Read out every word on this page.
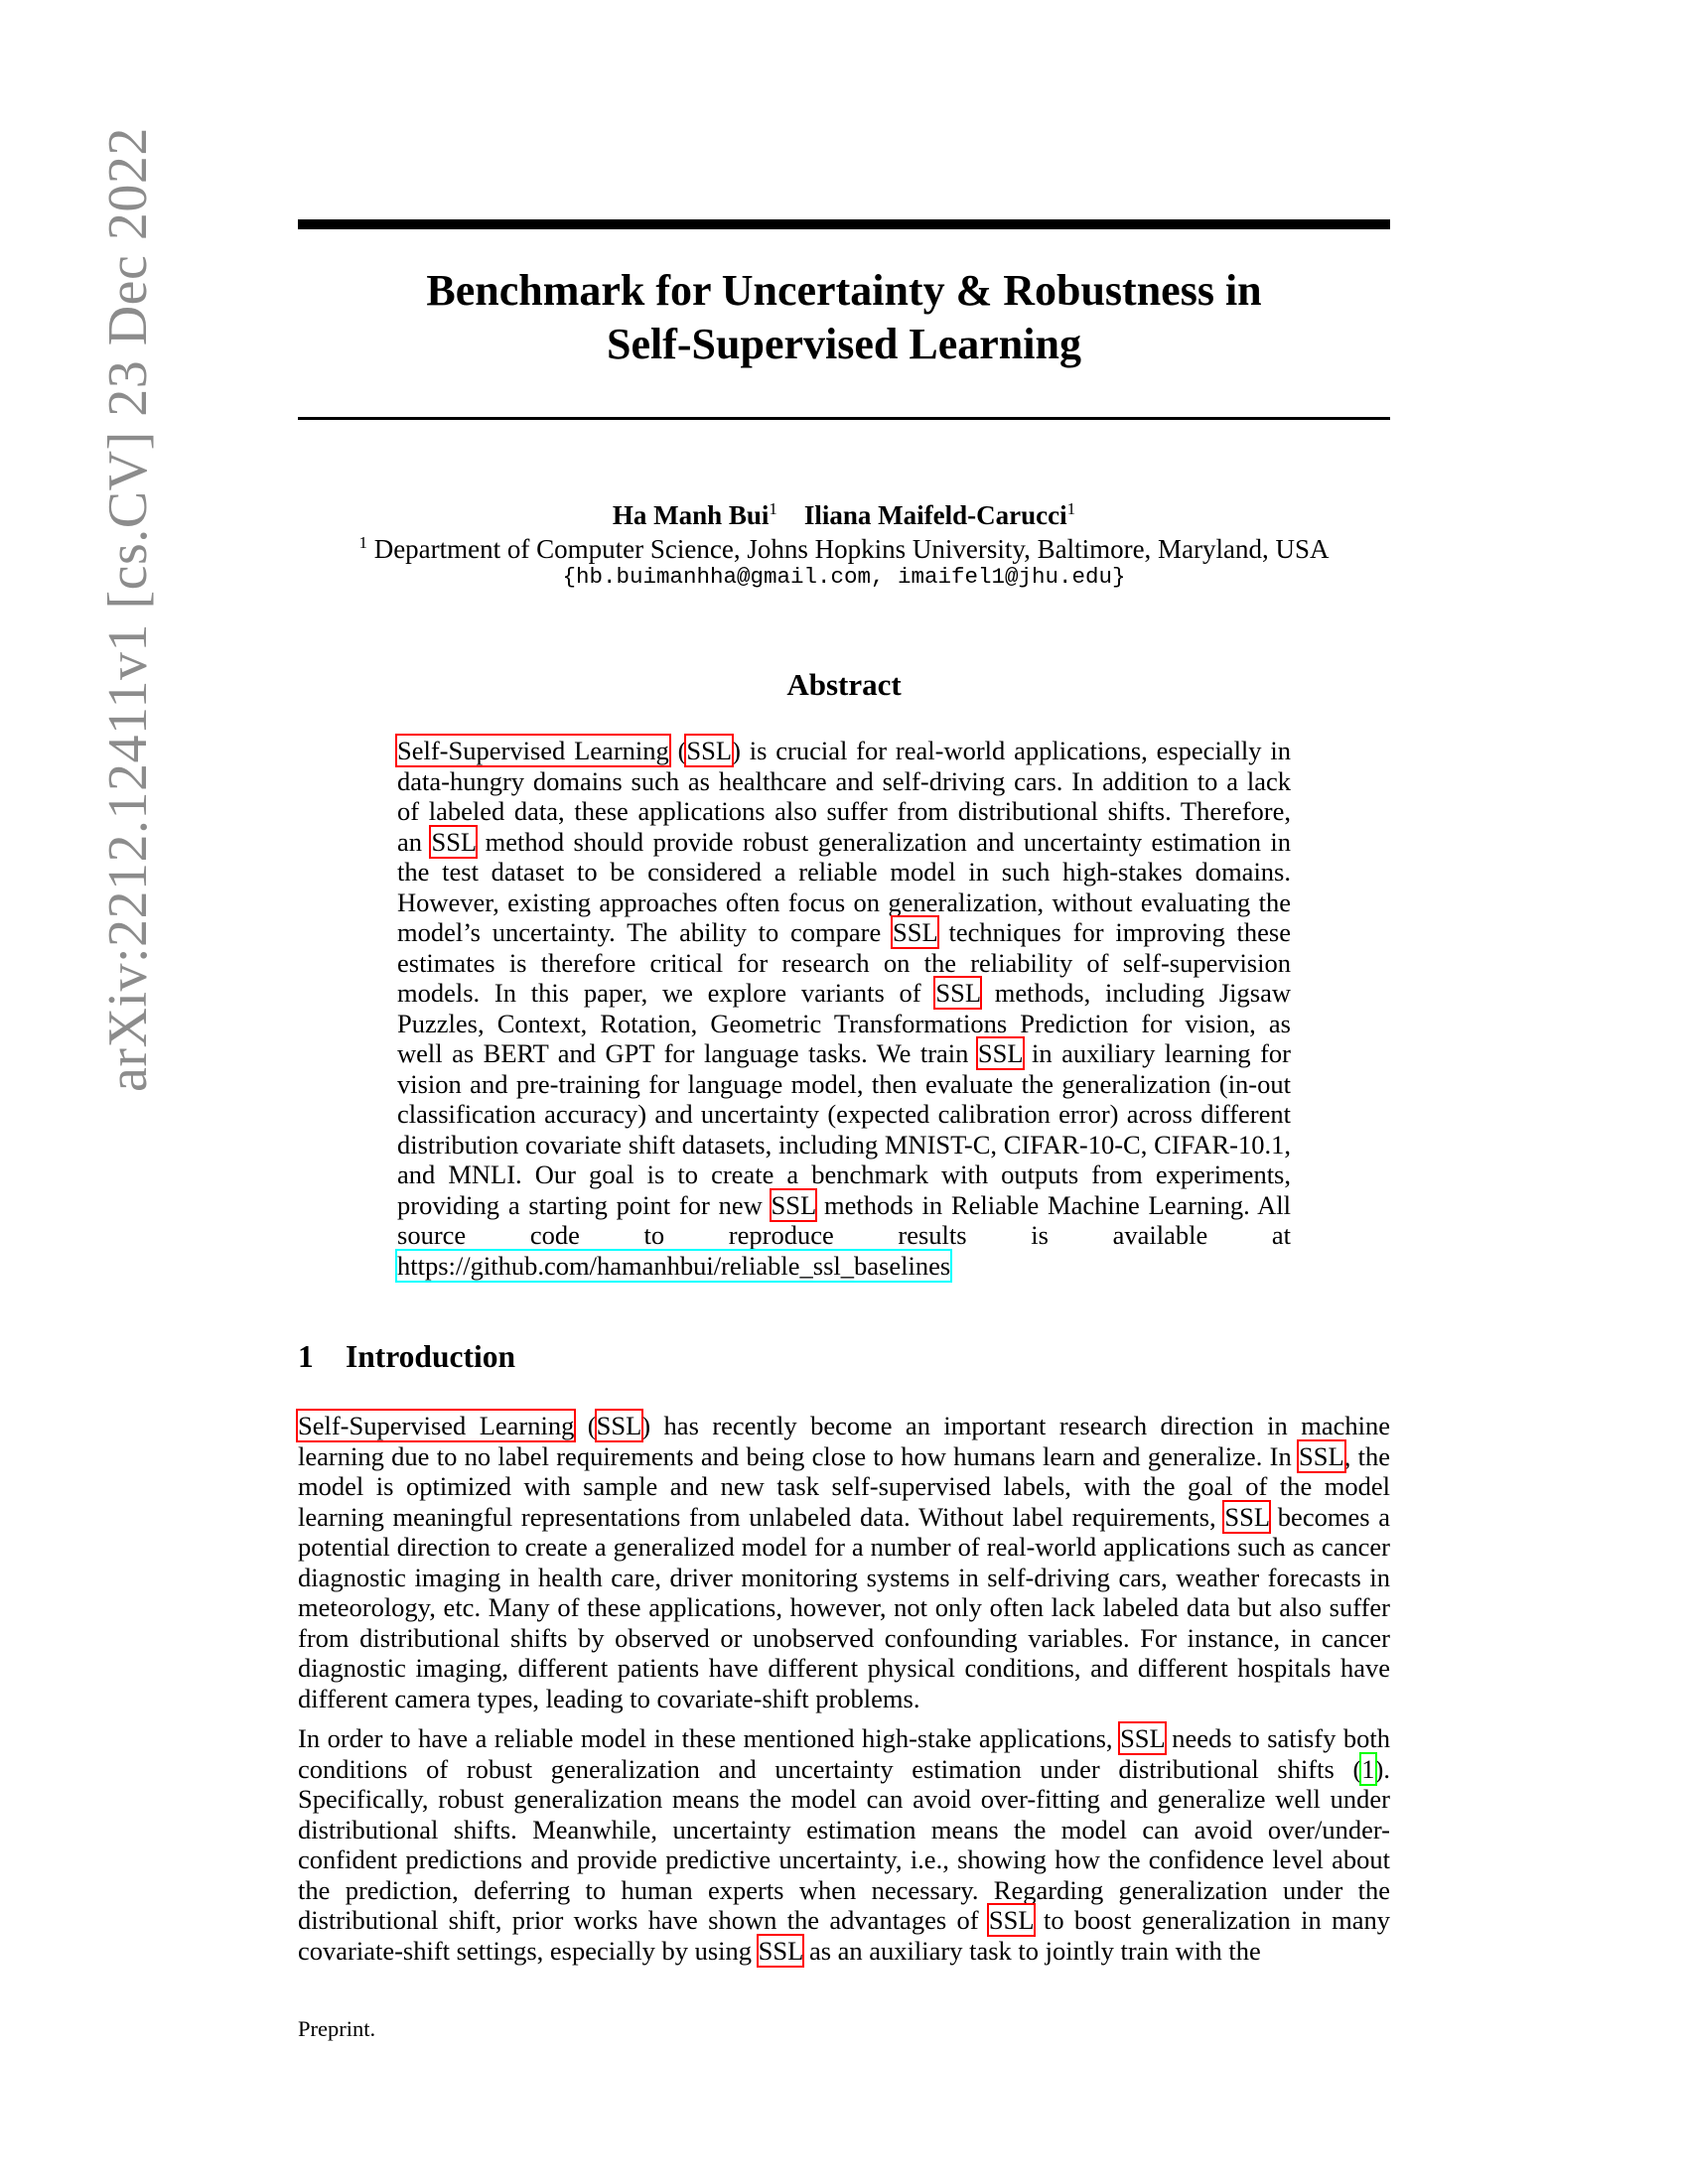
arXiv:2212.12411v1 [cs.CV] 23 Dec 2022	Benchmark for Uncertainty & Robustness in
Self-Supervised Learning
Ha Manh Bui$^1$ Iliana Maifeld-Carucci$^1$
$^1$ Department of Computer Science, Johns Hopkins University, Baltimore, Maryland, USA
{hb.buimanhha@gmail.com, imaifel1@jhu.edu}
Abstract

Self-Supervised Learning (SSL) is crucial for real-world applications, especially in data-hungry domains such as healthcare and self-driving cars. In addition to a lack of labeled data, these applications also suffer from distributional shifts. Therefore, an SSL method should provide robust generalization and uncertainty estimation in the test dataset to be considered a reliable model in such high-stakes domains. However, existing approaches often focus on generalization, without evaluating the model’s uncertainty. The ability to compare SSL techniques for improving these estimates is therefore critical for research on the reliability of self-supervision models. In this paper, we explore variants of SSL methods, including Jigsaw Puzzles, Context, Rotation, Geometric Transformations Prediction for vision, as well as BERT and GPT for language tasks. We train SSL in auxiliary learning for vision and pre-training for language model, then evaluate the generalization (in-out classification accuracy) and uncertainty (expected calibration error) across different distribution covariate shift datasets, including MNIST-C, CIFAR-10-C, CIFAR-10.1, and MNLI. Our goal is to create a benchmark with outputs from experiments, providing a starting point for new SSL methods in Reliable Machine Learning. All source code to reproduce results is available at https://github.com/hamanhbui/reliable_ssl_baselines

1 Introduction

Self-Supervised Learning (SSL) has recently become an important research direction in machine learning due to no label requirements and being close to how humans learn and generalize. In SSL, the model is optimized with sample and new task self-supervised labels, with the goal of the model learning meaningful representations from unlabeled data. Without label requirements, SSL becomes a potential direction to create a generalized model for a number of real-world applications such as cancer diagnostic imaging in health care, driver monitoring systems in self-driving cars, weather forecasts in meteorology, etc. Many of these applications, however, not only often lack labeled data but also suffer from distributional shifts by observed or unobserved confounding variables. For instance, in cancer diagnostic imaging, different patients have different physical conditions, and different hospitals have different camera types, leading to covariate-shift problems.

In order to have a reliable model in these mentioned high-stake applications, SSL needs to satisfy both conditions of robust generalization and uncertainty estimation under distributional shifts (1). Specifically, robust generalization means the model can avoid over-fitting and generalize well under distributional shifts. Meanwhile, uncertainty estimation means the model can avoid over/under-confident predictions and provide predictive uncertainty, i.e., showing how the confidence level about the prediction, deferring to human experts when necessary. Regarding generalization under the distributional shift, prior works have shown the advantages of SSL to boost generalization in many covariate-shift settings, especially by using SSL as an auxiliary task to jointly train with the

Preprint.
